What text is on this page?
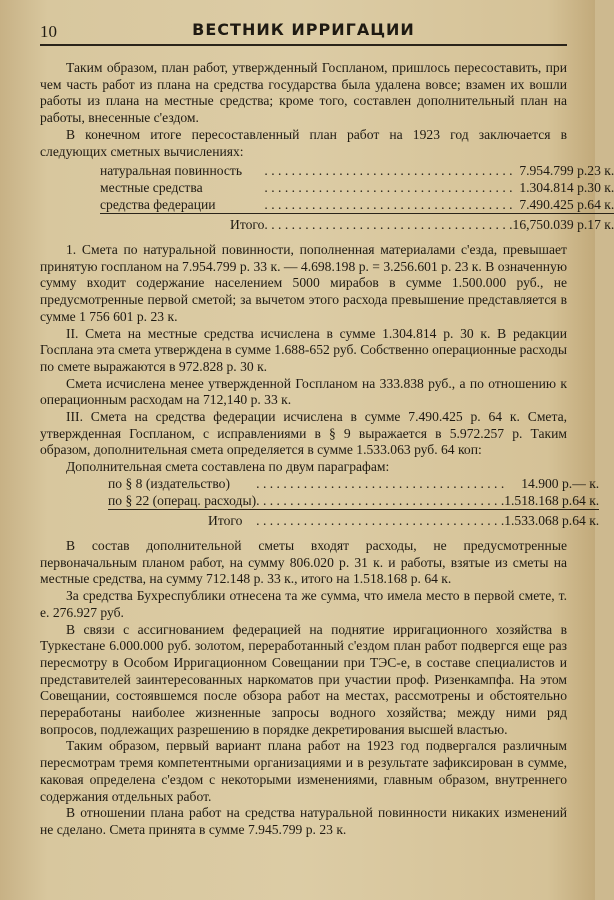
10	ВЕСТНИК ИРРИГАЦИИ

Таким образом, план работ, утвержденный Госпланом, пришлось пересоставить, при чем часть работ из плана на средства государства была удалена вовсе; взамен их вошли работы из плана на местные средства; кроме того, составлен дополнительный план на работы, внесенные с'ездом.

В конечном итоге пересоставленный план работ на 1923 год заключается в следующих сметных вычислениях:

натуральная повинность	. . .	7.954.799 р.	23 к.
местные средства	. . .	1.304.814 р.	30 к.
средства федерации	. . .	7.490.425 р.	64 к.
Итого	. . .	16,750.039 р.	17 к.

1. Смета по натуральной повинности, пополненная материалами с'езда, превышает принятую госпланом на 7.954.799 р. 33 к. — 4.698.198 р. = 3.256.601 р. 23 к. В означенную сумму входит содержание населением 5000 мирабов в сумме 1.500.000 руб., не предусмотренные первой сметой; за вычетом этого расхода превышение представляется в сумме 1 756 601 р. 23 к.

II. Смета на местные средства исчислена в сумме 1.304.814 р. 30 к. В редакции Госплана эта смета утверждена в сумме 1.688-652 руб. Собственно операционные расходы по смете выражаются в 972.828 р. 30 к.

Смета исчислена менее утвержденной Госпланом на 333.838 руб., а по отношению к операционным расходам на 712,140 р. 33 к.

III. Смета на средства федерации исчислена в сумме 7.490.425 р. 64 к. Смета, утвержденная Госпланом, с исправлениями в § 9 выражается в 5.972.257 р. Таким образом, дополнительная смета определяется в сумме 1.533.063 руб. 64 коп:

Дополнительная смета составлена по двум параграфам:

по § 8 (издательство)	. . .	14.900 р.	— к.
по § 22 (операц. расходы)	. . .	1.518.168 р.	64 к.
Итого	. . .	1.533.068 р.	64 к.

В состав дополнительной сметы входят расходы, не предусмотренные первоначальным планом работ, на сумму 806.020 р. 31 к. и работы, взятые из сметы на местные средства, на сумму 712.148 р. 33 к., итого на 1.518.168 р. 64 к.

За средства Бухреспублики отнесена та же сумма, что имела место в первой смете, т. е. 276.927 руб.

В связи с ассигнованием федерацией на поднятие ирригационного хозяйства в Туркестане 6.000.000 руб. золотом, переработанный с'ездом план работ подвергся еще раз пересмотру в Особом Ирригационном Совещании при ТЭС-е, в составе специалистов и представителей заинтересованных наркоматов при участии проф. Ризенкампфа. На этом Совещании, состоявшемся после обзора работ на местах, рассмотрены и обстоятельно переработаны наиболее жизненные запросы водного хозяйства; между ними ряд вопросов, подлежащих разрешению в порядке декретирования высшей властью.

Таким образом, первый вариант плана работ на 1923 год подвергался различным пересмотрам тремя компетентными организациями и в результате зафиксирован в сумме, каковая определена с'ездом с некоторыми изменениями, главным образом, внутреннего содержания отдельных работ.

В отношении плана работ на средства натуральной повинности никаких изменений не сделано. Смета принята в сумме 7.945.799 р. 23 к.
